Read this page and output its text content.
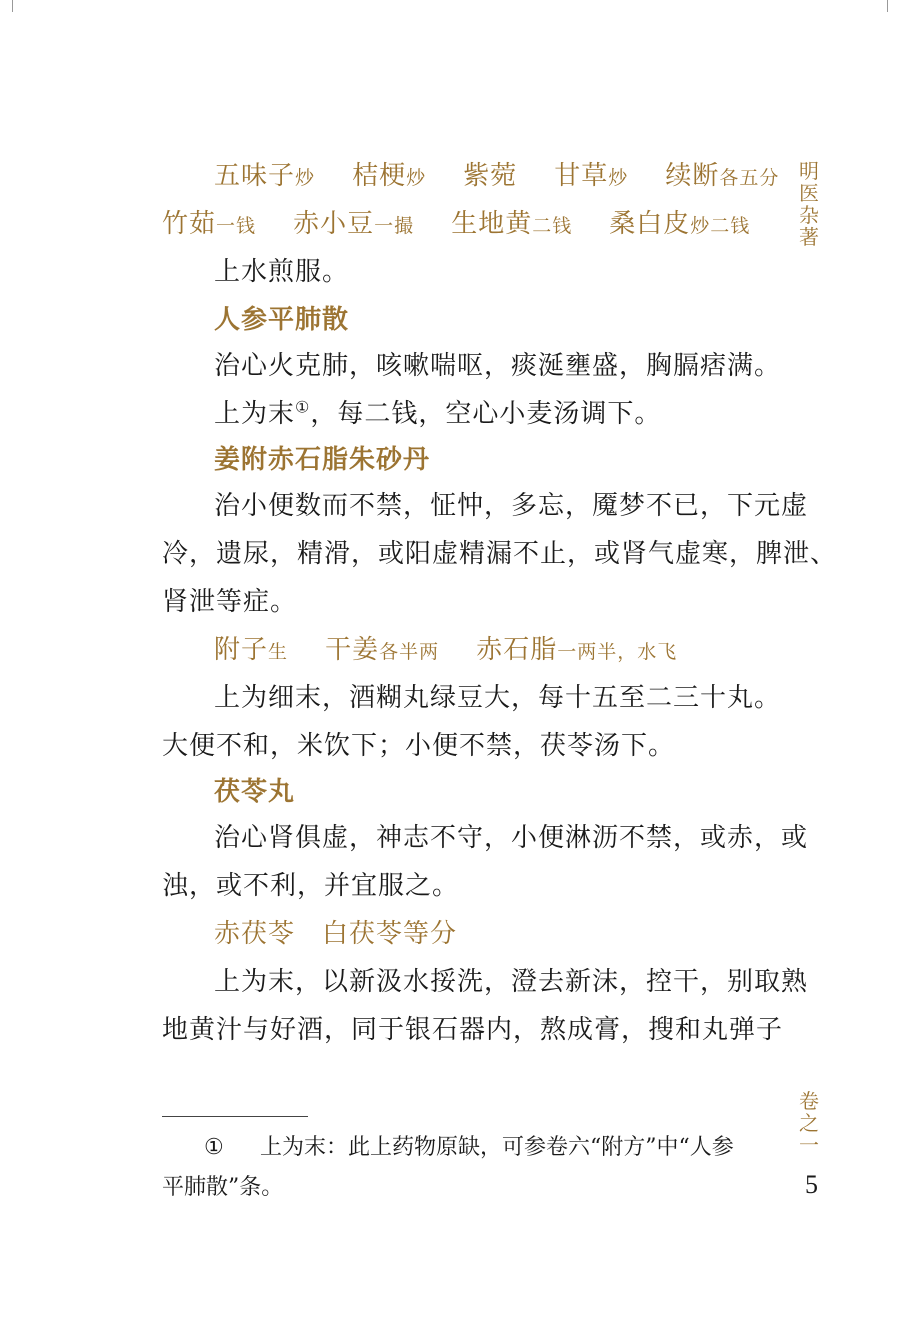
五味子炒 桔梗炒 紫菀 甘草炒 续断各五分
竹茹一钱 赤小豆一撮 生地黄二钱 桑白皮炒二钱
上水煎服。
人参平肺散
治心火克肺，咳嗽喘呕，痰涎壅盛，胸膈痞满。
上为末①，每二钱，空心小麦汤调下。
姜附赤石脂朱砂丹
治小便数而不禁，怔忡，多忘，魇梦不已，下元虚
冷，遗尿，精滑，或阳虚精漏不止，或肾气虚寒，脾泄、
肾泄等症。
附子生 干姜各半两 赤石脂一两半，水飞
上为细末，酒糊丸绿豆大，每十五至二三十丸。
大便不和，米饮下；小便不禁，茯苓汤下。
茯苓丸
治心肾俱虚，神志不守，小便淋沥不禁，或赤，或
浊，或不利，并宜服之。
赤茯苓　白茯苓等分
上为末，以新汲水挼洗，澄去新沫，控干，别取熟
地黄汁与好酒，同于银石器内，熬成膏，搜和丸弹子
明
医
杂
著
卷
之
一
① 上为末：此上药物原缺，可参卷六“附方”中“人参
平肺散”条。	5
